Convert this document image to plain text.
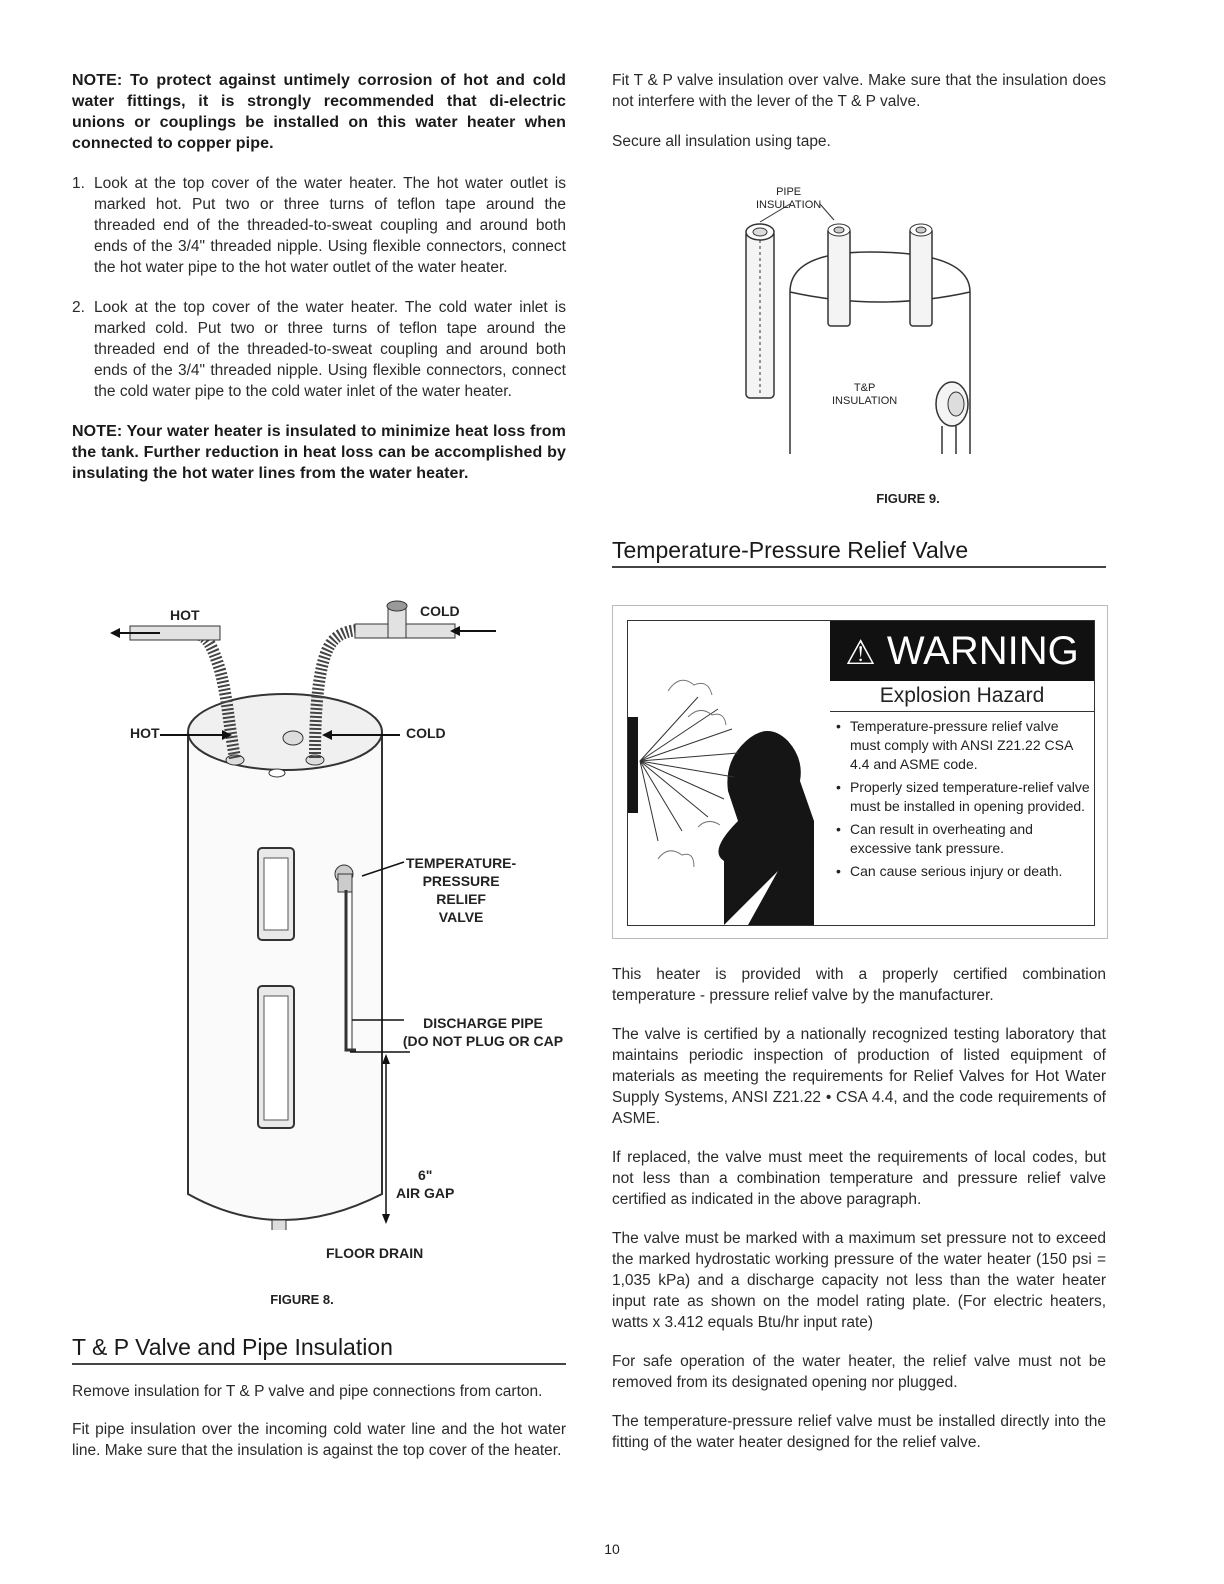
NOTE: To protect against untimely corrosion of hot and cold water fittings, it is strongly recommended that di-electric unions or couplings be installed on this water heater when connected to copper pipe.

1. Look at the top cover of the water heater. The hot water outlet is marked hot. Put two or three turns of teflon tape around the threaded end of the threaded-to-sweat coupling and around both ends of the 3/4" threaded nipple. Using flexible connectors, connect the hot water pipe to the hot water outlet of the water heater.
2. Look at the top cover of the water heater. The cold water inlet is marked cold. Put two or three turns of teflon tape around the threaded end of the threaded-to-sweat coupling and around both ends of the 3/4" threaded nipple. Using flexible connectors, connect the cold water pipe to the cold water inlet of the water heater.

NOTE: Your water heater is insulated to minimize heat loss from the tank. Further reduction in heat loss can be accomplished by insulating the hot water lines from the water heater.

HOT	COLD
HOT	COLD
TEMPERATURE-
PRESSURE
RELIEF
VALVE
DISCHARGE PIPE
(DO NOT PLUG OR CAP
6"
AIR GAP
FLOOR DRAIN
FIGURE 8.
T & P Valve and Pipe Insulation

Remove insulation for T & P valve and pipe connections from carton.

Fit pipe insulation over the incoming cold water line and the hot water line. Make sure that the insulation is against the top cover of the heater.

Fit T & P valve insulation over valve. Make sure that the insulation does not interfere with the lever of the T & P valve.

Secure all insulation using tape.

PIPE
INSULATION
T&P
INSULATION
FIGURE 9.
Temperature-Pressure Relief Valve
⚠ WARNING
Explosion Hazard
• Temperature-pressure relief valve must comply with ANSI Z21.22 CSA 4.4 and ASME code.
• Properly sized temperature-relief valve must be installed in opening provided.
• Can result in overheating and excessive tank pressure.
• Can cause serious injury or death.

This heater is provided with a properly certified combination temperature - pressure relief valve by the manufacturer.

The valve is certified by a nationally recognized testing laboratory that maintains periodic inspection of production of listed equipment of materials as meeting the requirements for Relief Valves for Hot Water Supply Systems, ANSI Z21.22 • CSA 4.4, and the code requirements of ASME.

If replaced, the valve must meet the requirements of local codes, but not less than a combination temperature and pressure relief valve certified as indicated in the above paragraph.

The valve must be marked with a maximum set pressure not to exceed the marked hydrostatic working pressure of the water heater (150 psi = 1,035 kPa) and a discharge capacity not less than the water heater input rate as shown on the model rating plate. (For electric heaters, watts x 3.412 equals Btu/hr input rate)

For safe operation of the water heater, the relief valve must not be removed from its designated opening nor plugged.

The temperature-pressure relief valve must be installed directly into the fitting of the water heater designed for the relief valve.

10
